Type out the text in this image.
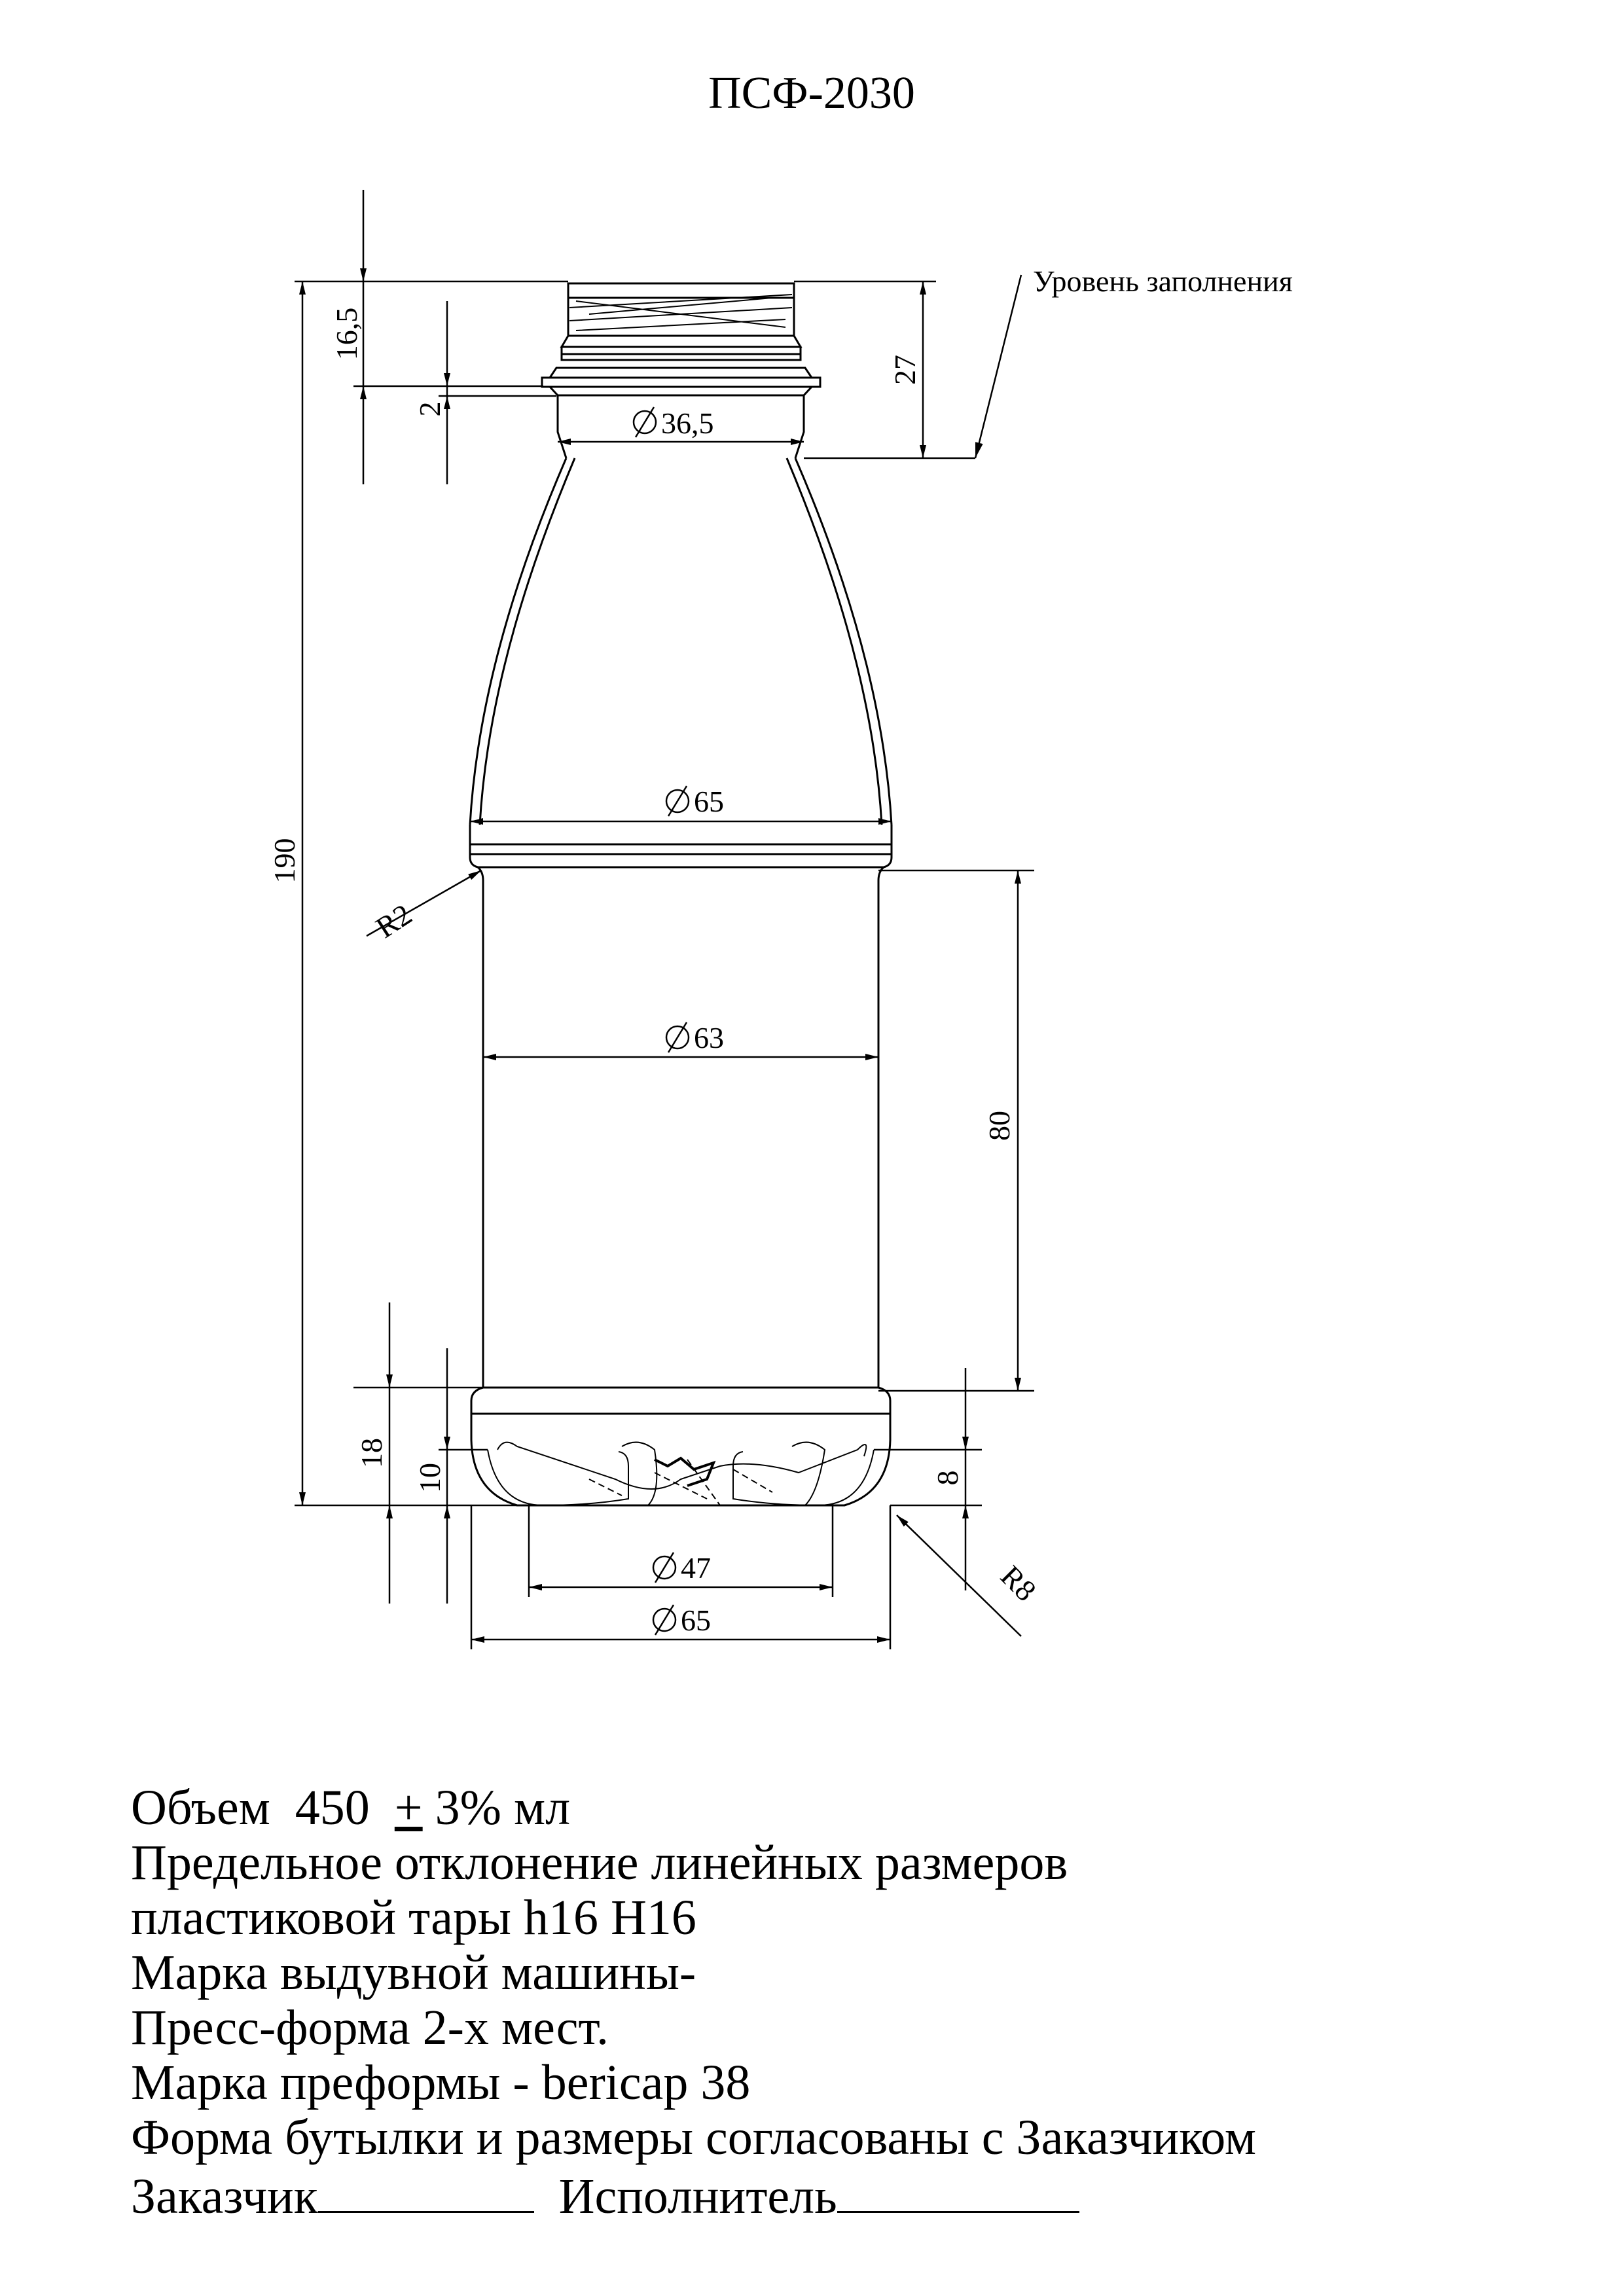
ПСФ-2030
16,5
2
27
Уровень заполнения
36,5
65
190
R2
63
80
18
10	8
R8
47
65
Объем 450 + 3% мл
Предельное отклонение линейных размеров
пластиковой тары h16 H16
Марка выдувной машины-
Пресс-форма 2-х мест.
Марка преформы - bericap 38
Форма бутылки и размеры согласованы с Заказчиком
Заказчик	Исполнитель
